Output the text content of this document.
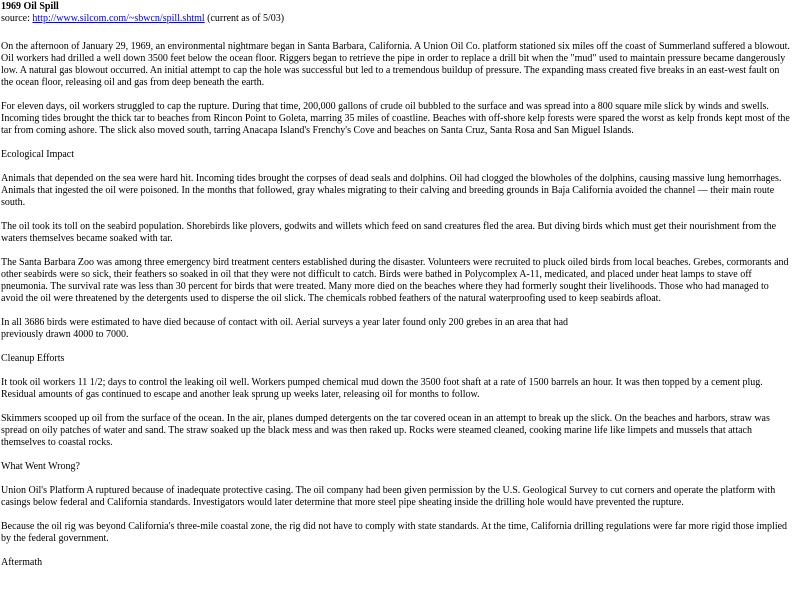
1969 Oil Spill
source: http://www.silcom.com/~sbwcn/spill.shtml (current as of 5/03)

On the afternoon of January 29, 1969, an environmental nightmare began in Santa Barbara, California. A Union Oil Co. platform stationed six miles off the coast of Summerland suffered a blowout. Oil workers had drilled a well down 3500 feet below the ocean floor. Riggers began to retrieve the pipe in order to replace a drill bit when the "mud" used to maintain pressure became dangerously low. A natural gas blowout occurred. An initial attempt to cap the hole was successful but led to a tremendous buildup of pressure. The expanding mass created five breaks in an east-west fault on the ocean floor, releasing oil and gas from deep beneath the earth.

For eleven days, oil workers struggled to cap the rupture. During that time, 200,000 gallons of crude oil bubbled to the surface and was spread into a 800 square mile slick by winds and swells. Incoming tides brought the thick tar to beaches from Rincon Point to Goleta, marring 35 miles of coastline. Beaches with off-shore kelp forests were spared the worst as kelp fronds kept most of the tar from coming ashore. The slick also moved south, tarring Anacapa Island's Frenchy's Cove and beaches on Santa Cruz, Santa Rosa and San Miguel Islands.

Ecological Impact

Animals that depended on the sea were hard hit. Incoming tides brought the corpses of dead seals and dolphins. Oil had clogged the blowholes of the dolphins, causing massive lung hemorrhages. Animals that ingested the oil were poisoned. In the months that followed, gray whales migrating to their calving and breeding grounds in Baja California avoided the channel — their main route south.

The oil took its toll on the seabird population. Shorebirds like plovers, godwits and willets which feed on sand creatures fled the area. But diving birds which must get their nourishment from the waters themselves became soaked with tar.

The Santa Barbara Zoo was among three emergency bird treatment centers established during the disaster. Volunteers were recruited to pluck oiled birds from local beaches. Grebes, cormorants and other seabirds were so sick, their feathers so soaked in oil that they were not difficult to catch. Birds were bathed in Polycomplex A-11, medicated, and placed under heat lamps to stave off pneumonia. The survival rate was less than 30 percent for birds that were treated. Many more died on the beaches where they had formerly sought their livelihoods. Those who had managed to avoid the oil were threatened by the detergents used to disperse the oil slick. The chemicals robbed feathers of the natural waterproofing used to keep seabirds afloat.

In all 3686 birds were estimated to have died because of contact with oil. Aerial surveys a year later found only 200 grebes in an area that had
previously drawn 4000 to 7000.

Cleanup Efforts

It took oil workers 11 1/2; days to control the leaking oil well. Workers pumped chemical mud down the 3500 foot shaft at a rate of 1500 barrels an hour. It was then topped by a cement plug. Residual amounts of gas continued to escape and another leak sprung up weeks later, releasing oil for months to follow.

Skimmers scooped up oil from the surface of the ocean. In the air, planes dumped detergents on the tar covered ocean in an attempt to break up the slick. On the beaches and harbors, straw was spread on oily patches of water and sand. The straw soaked up the black mess and was then raked up. Rocks were steamed cleaned, cooking marine life like limpets and mussels that attach themselves to coastal rocks.

What Went Wrong?

Union Oil's Platform A ruptured because of inadequate protective casing. The oil company had been given permission by the U.S. Geological Survey to cut corners and operate the platform with casings below federal and California standards. Investigators would later determine that more steel pipe sheating inside the drilling hole would have prevented the rupture.

Because the oil rig was beyond California's three-mile coastal zone, the rig did not have to comply with state standards. At the time, California drilling regulations were far more rigid those implied by the federal government.

Aftermath
